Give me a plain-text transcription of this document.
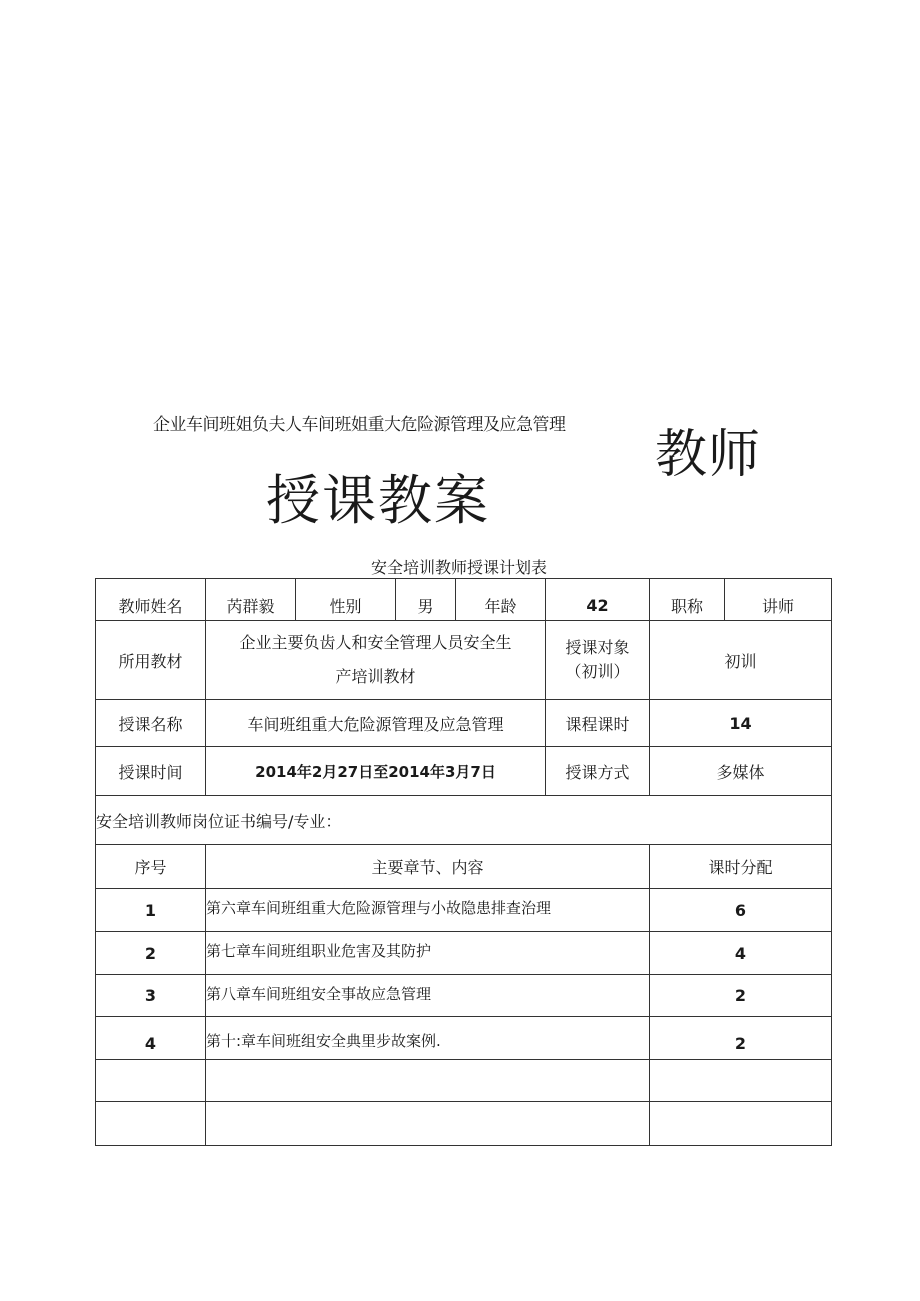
企业车间班姐负夫人车间班姐重大危险源管理及应急管理 教师
授课教案
安全培训教师授课计划表
教师姓名	芮群毅	性别	男	年龄	42	职称	讲师
所用教材	企业主要负齿人和安全管理人员安全生
产培训教材				授课对象（初训）	初训	
授课名称	车间班组重大危险源管理及应急管理				课程课时	14	
授课时间	2014年2月27日至2014年3月7日				授课方式	多媒体	
安全培训教师岗位证书编号/专业：							
序号	主要章节、内容					课时分配	
1	第六章车间班组重大危险源管理与小故隐患排查治理					6	
2	第七章车间班组职业危害及其防护					4	
3	第八章车间班组安全事故应急管理					2	
4	第十:章车间班组安全典里步故案例.					2	
